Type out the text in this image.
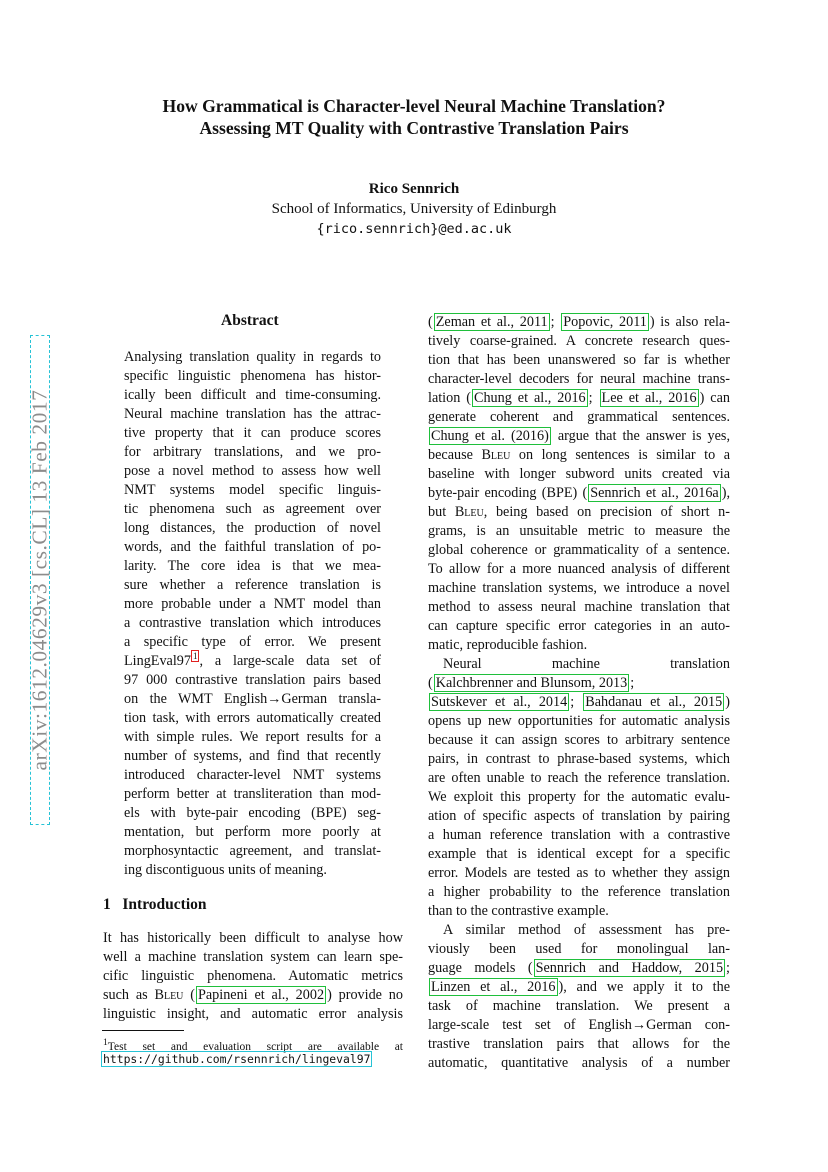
How Grammatical is Character-level Neural Machine Translation?
Assessing MT Quality with Contrastive Translation Pairs
Rico Sennrich
School of Informatics, University of Edinburgh
{rico.sennrich}@ed.ac.uk
arXiv:1612.04629v3 [cs.CL] 13 Feb 2017
Abstract
Analysing translation quality in regards to
specific linguistic phenomena has histor-
ically been difficult and time-consuming.
Neural machine translation has the attrac-
tive property that it can produce scores
for arbitrary translations, and we pro-
pose a novel method to assess how well
NMT systems model specific linguis-
tic phenomena such as agreement over
long distances, the production of novel
words, and the faithful translation of po-
larity. The core idea is that we mea-
sure whether a reference translation is
more probable under a NMT model than
a contrastive translation which introduces
a specific type of error. We present
LingEval97 $^1$ , a large-scale data set of
97 000 contrastive translation pairs based
on the WMT English→German transla-
tion task, with errors automatically created
with simple rules. We report results for a
number of systems, and find that recently
introduced character-level NMT systems
perform better at transliteration than mod-
els with byte-pair encoding (BPE) seg-
mentation, but perform more poorly at
morphosyntactic agreement, and translat-
ing discontiguous units of meaning.
1 Introduction
It has historically been difficult to analyse how
well a machine translation system can learn spe-
cific linguistic phenomena. Automatic metrics
such as Bleu ( Papineni et al., 2002 ) provide no
linguistic insight, and automatic error analysis
$^1$Test set and evaluation script are available at
https://github.com/rsennrich/lingeval97
( Zeman et al., 2011 ; Popovic, 2011 ) is also rela-
tively coarse-grained. A concrete research ques-
tion that has been unanswered so far is whether
character-level decoders for neural machine trans-
lation ( Chung et al., 2016 ; Lee et al., 2016 ) can
generate coherent and grammatical sentences.
Chung et al. (2016) argue that the answer is yes,
because Bleu on long sentences is similar to a
baseline with longer subword units created via
byte-pair encoding (BPE) ( Sennrich et al., 2016a ),
but Bleu, being based on precision of short n-
grams, is an unsuitable metric to measure the
global coherence or grammaticality of a sentence.
To allow for a more nuanced analysis of different
machine translation systems, we introduce a novel
method to assess neural machine translation that
can capture specific error categories in an auto-
matic, reproducible fashion.
Neural	machine	translation
( Kalchbrenner and Blunsom, 2013 ;
Sutskever et al., 2014 ; Bahdanau et al., 2015 )
opens up new opportunities for automatic analysis
because it can assign scores to arbitrary sentence
pairs, in contrast to phrase-based systems, which
are often unable to reach the reference translation.
We exploit this property for the automatic evalu-
ation of specific aspects of translation by pairing
a human reference translation with a contrastive
example that is identical except for a specific
error. Models are tested as to whether they assign
a higher probability to the reference translation
than to the contrastive example.
A similar method of assessment has pre-
viously been used for monolingual lan-
guage models ( Sennrich and Haddow, 2015 ;
Linzen et al., 2016 ), and we apply it to the
task of machine translation. We present a
large-scale test set of English→German con-
trastive translation pairs that allows for the
automatic, quantitative analysis of a number
